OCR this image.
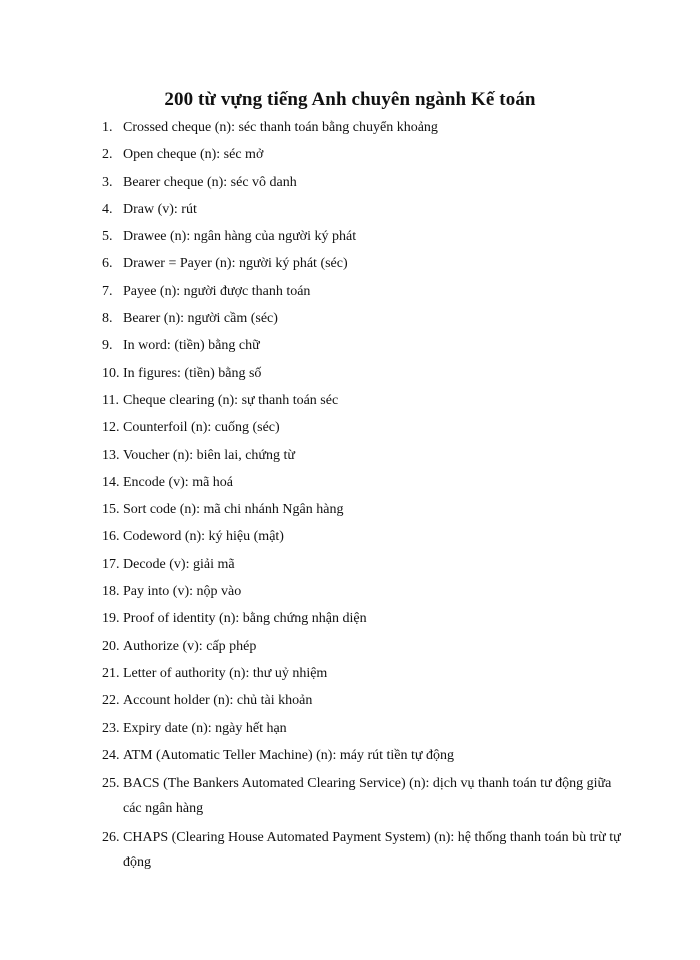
200 từ vựng tiếng Anh chuyên ngành Kế toán
1. Crossed cheque (n): séc thanh toán bằng chuyển khoảng
2. Open cheque (n): séc mở
3. Bearer cheque (n): séc vô danh
4. Draw (v): rút
5. Drawee (n): ngân hàng của người ký phát
6. Drawer = Payer (n): người ký phát (séc)
7. Payee (n): người được thanh toán
8. Bearer (n): người cầm (séc)
9. In word: (tiền) bằng chữ
10. In figures: (tiền) bằng số
11. Cheque clearing (n): sự thanh toán séc
12. Counterfoil (n): cuống (séc)
13. Voucher (n): biên lai, chứng từ
14. Encode (v): mã hoá
15. Sort code (n): mã chi nhánh Ngân hàng
16. Codeword (n): ký hiệu (mật)
17. Decode (v): giải mã
18. Pay into (v): nộp vào
19. Proof of identity (n): bằng chứng nhận diện
20. Authorize (v): cấp phép
21. Letter of authority (n): thư uỷ nhiệm
22. Account holder (n): chủ tài khoản
23. Expiry date (n): ngày hết hạn
24. ATM (Automatic Teller Machine) (n): máy rút tiền tự động
25. BACS (The Bankers Automated Clearing Service) (n): dịch vụ thanh toán tư động giữa các ngân hàng
26. CHAPS (Clearing House Automated Payment System) (n): hệ thống thanh toán bù trừ tự động
